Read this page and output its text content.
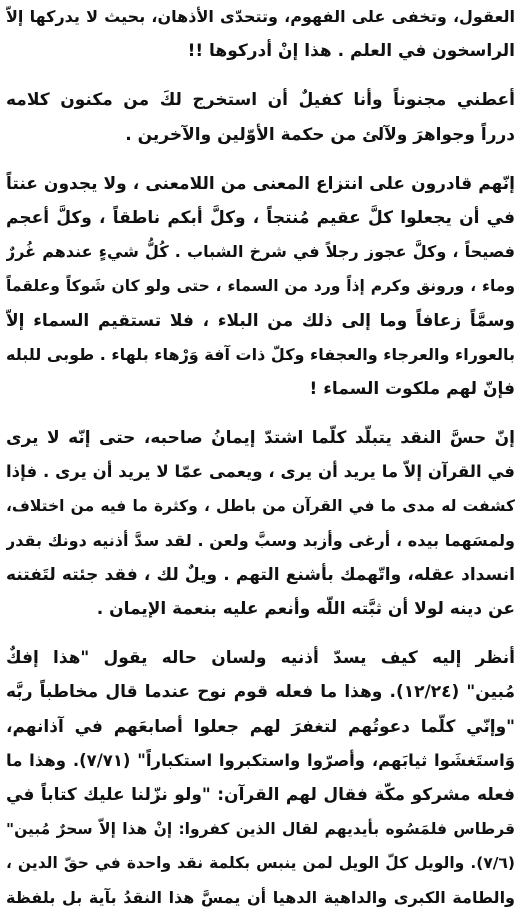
العقول، وتخفى على الفهوم، وتتحدّى الأذهان، بحيث لا يدركها إلاّ
الراسخون في العلم . هذا إنْ أدركوها !!
أعطني مجنوناً وأنا كفيلٌ أن استخرج لكَ من مكنون كلامه
درراً وجواهرَ ولآلئ من حكمة الأوّلين والآخرين .
إنّهم قادرون على انتزاع المعنى من اللامعنى ، ولا يجدون عنتاً
في أن يجعلوا كلَّ عقيم مُنتجاً ، وكلَّ أبكم ناطقاً ، وكلَّ أعجم
فصيحاً ، وكلَّ عجوز رجلاً في شرخ الشباب . كُلُّ شيءٍ عندهم غُررٌ
وماء ، ورونق وكرم إذاً ورد من السماء ، حتى ولو كان شَوكاً وعلقماً
وسمَّاً زعافاً وما إلى ذلك من البلاء ، فلا تستقيم السماء إلاّ
بالعوراء والعرجاء والعجفاء وكلّ ذات آفة وَرْهاء بلهاء . طوبى للبله
فإنّ لهم ملكوت السماء !
إنّ حسَّ النقد يتبلّد كلّما اشتدّ إيمانُ صاحبه، حتى إنّه لا يرى
في القرآن إلاّ ما يريد أن يرى ، ويعمى عمّا لا يريد أن يرى . فإذا
كشفت له مدى ما في القرآن من باطل ، وكثرة ما فيه من اختلاف،
ولمسَهما بيده ، أرغى وأزبد وسبَّ ولعن . لقد سدَّ أذنيه دونك بقدر
انسداد عقله، واتّهمك بأشنع التهم . ويلٌ لك ، فقد جئته لتَفتنه
عن دينه لولا أن ثبَّته اللّه وأنعم عليه بنعمة الإيمان .
أنظر إليه كيف يسدّ أذنيه ولسان حاله يقول "هذا إفكٌ
مُبين" (١٢/٢٤). وهذا ما فعله قوم نوح عندما قال مخاطباً ربَّه
"وإنّي كلّما دعوتُهم لتغفرَ لهم جعلوا أصابعَهم في آذانهم،
وَاستَغشَوا ثيابَهم، وأصرّوا واستكبروا استكباراً" (٧/٧١). وهذا ما
فعله مشركو مكّة فقال لهم القرآن: "ولو نزّلنا عليك كتاباً في
قرطاس فلمَسُوه بأيديهم لقال الذين كفروا: إنْ هذا إلاّ سحرٌ مُبين"
(٧/٦). والويل كلّ الويل لمن ينبس بكلمة نقد واحدة في حقّ الدين ،
والطامة الكبرى والداهية الدهيا أن يمسَّ هذا النقدُ بآية بل بلفظة
